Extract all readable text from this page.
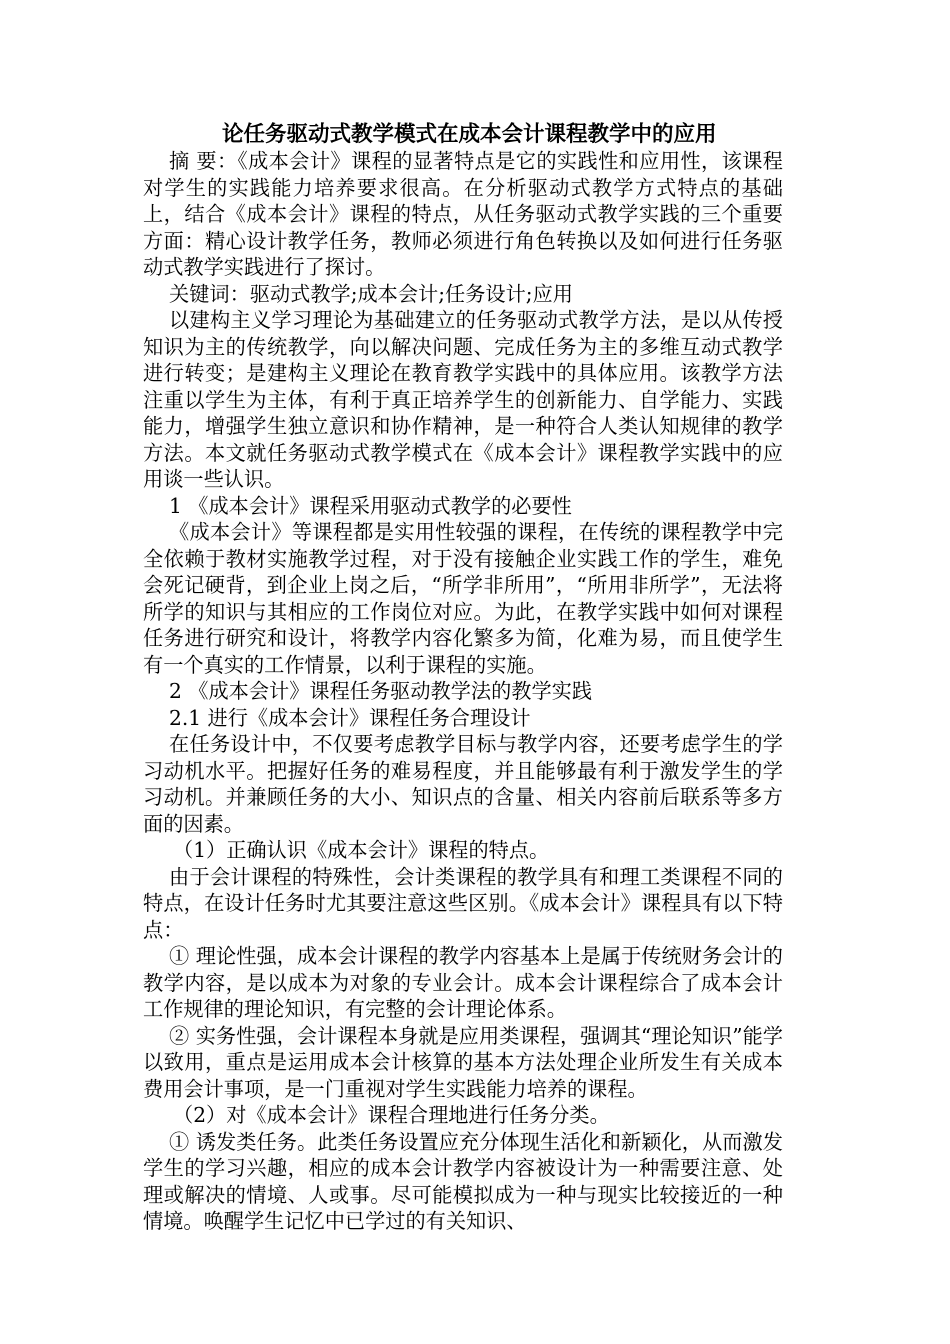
论任务驱动式教学模式在成本会计课程教学中的应用

摘 要：《成本会计》课程的显著特点是它的实践性和应用性，该课程对学生的实践能力培养要求很高。在分析驱动式教学方式特点的基础上，结合《成本会计》课程的特点，从任务驱动式教学实践的三个重要方面：精心设计教学任务，教师必须进行角色转换以及如何进行任务驱动式教学实践进行了探讨。

关键词：驱动式教学;成本会计;任务设计;应用

以建构主义学习理论为基础建立的任务驱动式教学方法，是以从传授知识为主的传统教学，向以解决问题、完成任务为主的多维互动式教学进行转变；是建构主义理论在教育教学实践中的具体应用。该教学方法注重以学生为主体，有利于真正培养学生的创新能力、自学能力、实践能力，增强学生独立意识和协作精神，是一种符合人类认知规律的教学方法。本文就任务驱动式教学模式在《成本会计》课程教学实践中的应用谈一些认识。

1 《成本会计》课程采用驱动式教学的必要性

《成本会计》等课程都是实用性较强的课程，在传统的课程教学中完全依赖于教材实施教学过程，对于没有接触企业实践工作的学生，难免会死记硬背，到企业上岗之后，“所学非所用”，“所用非所学”，无法将所学的知识与其相应的工作岗位对应。为此，在教学实践中如何对课程任务进行研究和设计，将教学内容化繁多为简，化难为易，而且使学生有一个真实的工作情景，以利于课程的实施。

2 《成本会计》课程任务驱动教学法的教学实践

2.1 进行《成本会计》课程任务合理设计

在任务设计中，不仅要考虑教学目标与教学内容，还要考虑学生的学习动机水平。把握好任务的难易程度，并且能够最有利于激发学生的学习动机。并兼顾任务的大小、知识点的含量、相关内容前后联系等多方面的因素。

（1）正确认识《成本会计》课程的特点。

由于会计课程的特殊性，会计类课程的教学具有和理工类课程不同的特点，在设计任务时尤其要注意这些区别。《成本会计》课程具有以下特点：

① 理论性强，成本会计课程的教学内容基本上是属于传统财务会计的教学内容，是以成本为对象的专业会计。成本会计课程综合了成本会计工作规律的理论知识，有完整的会计理论体系。

② 实务性强，会计课程本身就是应用类课程，强调其“理论知识”能学以致用，重点是运用成本会计核算的基本方法处理企业所发生有关成本费用会计事项，是一门重视对学生实践能力培养的课程。

（2）对《成本会计》课程合理地进行任务分类。

① 诱发类任务。此类任务设置应充分体现生活化和新颖化，从而激发学生的学习兴趣，相应的成本会计教学内容被设计为一种需要注意、处理或解决的情境、人或事。尽可能模拟成为一种与现实比较接近的一种情境。唤醒学生记忆中已学过的有关知识、
